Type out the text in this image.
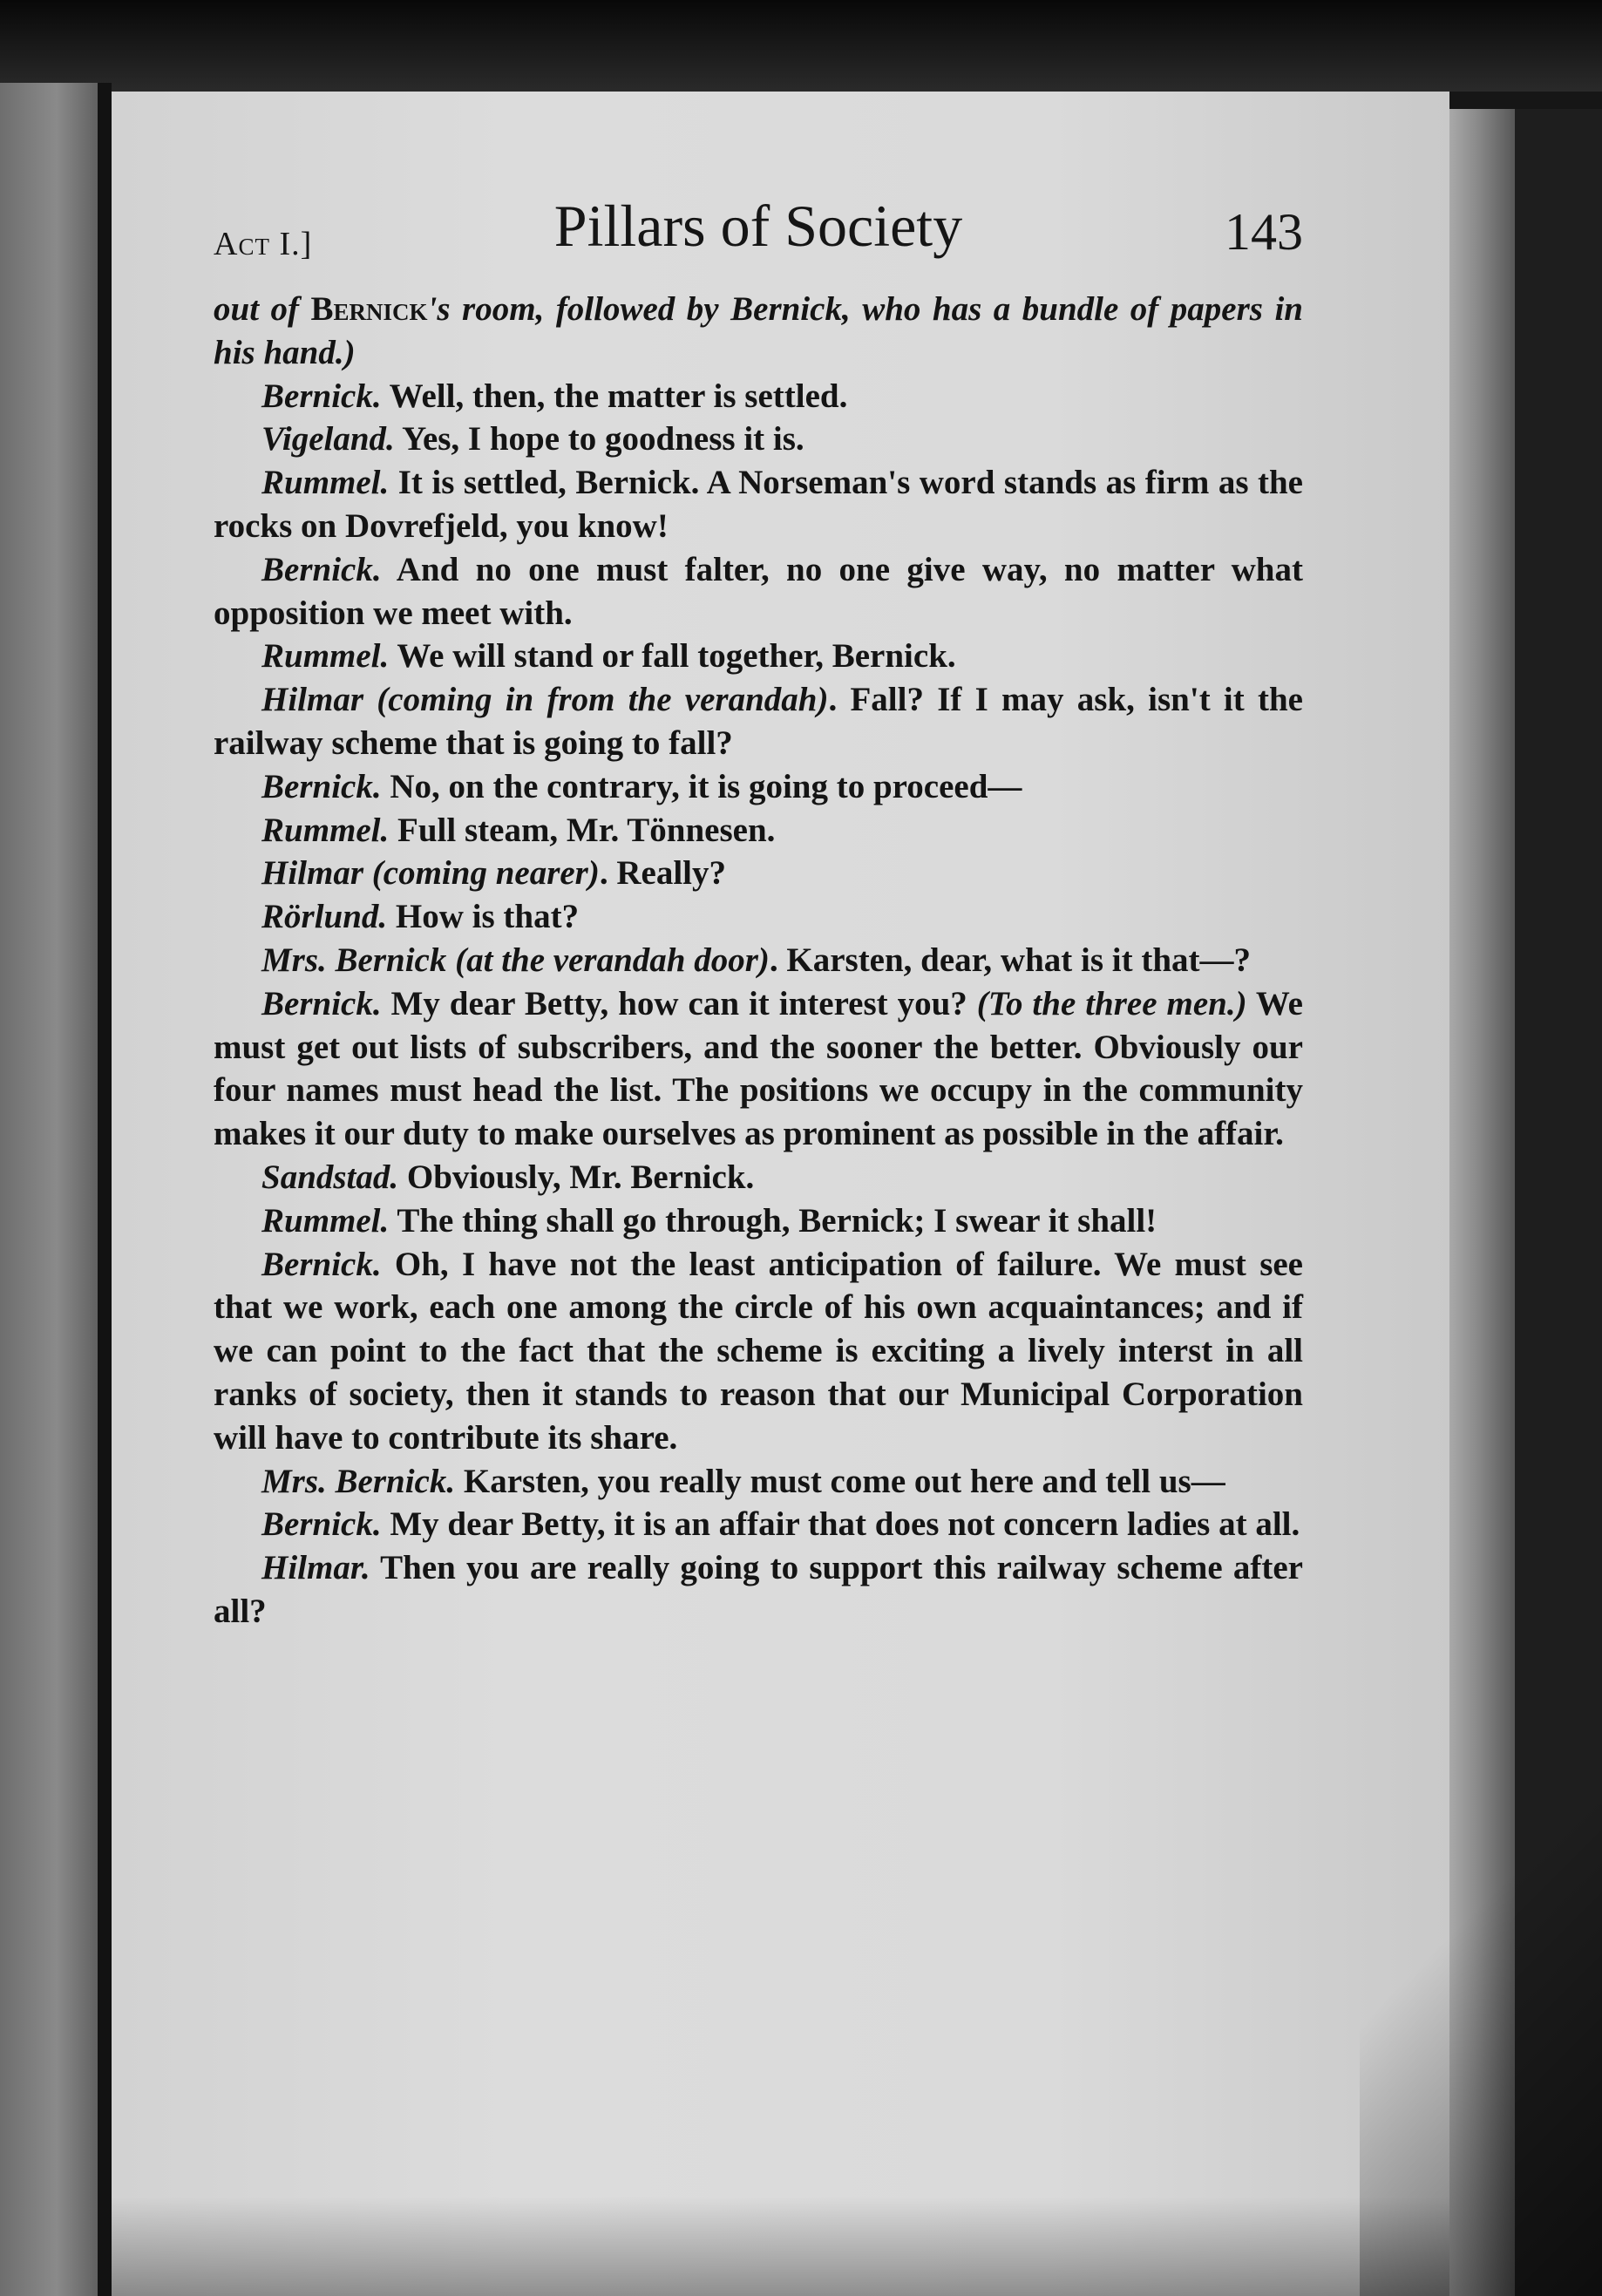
Act I.]	Pillars of Society	143

out of Bernick's room, followed by Bernick, who has a bundle of papers in his hand.)

Bernick. Well, then, the matter is settled.

Vigeland. Yes, I hope to goodness it is.

Rummel. It is settled, Bernick. A Norseman's word stands as firm as the rocks on Dovrefjeld, you know!

Bernick. And no one must falter, no one give way, no matter what opposition we meet with.

Rummel. We will stand or fall together, Bernick.

Hilmar (coming in from the verandah). Fall? If I may ask, isn't it the railway scheme that is going to fall?

Bernick. No, on the contrary, it is going to proceed—

Rummel. Full steam, Mr. Tönnesen.

Hilmar (coming nearer). Really?

Rörlund. How is that?

Mrs. Bernick (at the verandah door). Karsten, dear, what is it that—?

Bernick. My dear Betty, how can it interest you? (To the three men.) We must get out lists of subscribers, and the sooner the better. Obviously our four names must head the list. The positions we occupy in the community makes it our duty to make ourselves as prominent as possible in the affair.

Sandstad. Obviously, Mr. Bernick.

Rummel. The thing shall go through, Bernick; I swear it shall!

Bernick. Oh, I have not the least anticipation of failure. We must see that we work, each one among the circle of his own acquaintances; and if we can point to the fact that the scheme is exciting a lively interst in all ranks of society, then it stands to reason that our Municipal Corporation will have to contribute its share.

Mrs. Bernick. Karsten, you really must come out here and tell us—

Bernick. My dear Betty, it is an affair that does not concern ladies at all.

Hilmar. Then you are really going to support this railway scheme after all?
